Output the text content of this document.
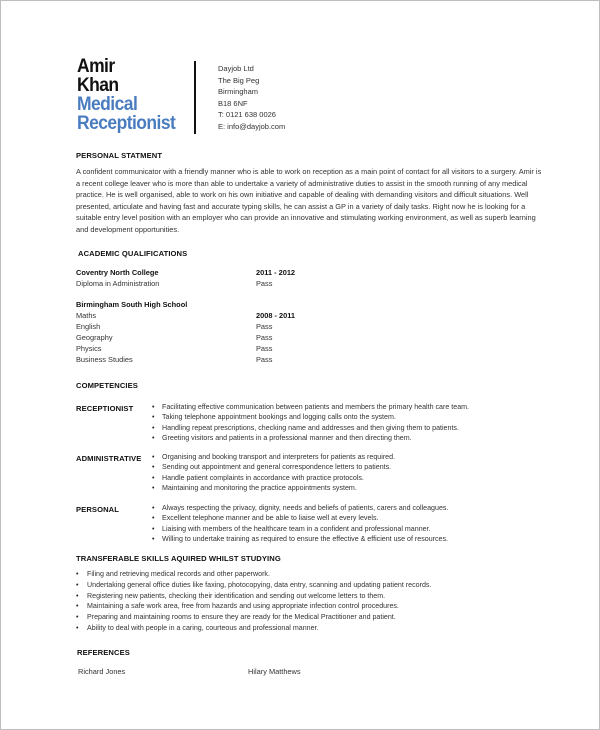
Amir
Khan
Medical
Receptionist
Dayjob Ltd
The Big Peg
Birmingham
B18 6NF
T: 0121 638 0026
E: info@dayjob.com
PERSONAL STATMENT
A confident communicator with a friendly manner who is able to work on reception as a main point of contact for all visitors to a surgery. Amir is a recent college leaver who is more than able to undertake a variety of administrative duties to assist in the smooth running of any medical practice. He is well organised, able to work on his own initiative and capable of dealing with demanding visitors and difficult situations. Well presented, articulate and having fast and accurate typing skills, he can assist a GP in a variety of daily tasks. Right now he is looking for a suitable entry level position with an employer who can provide an innovative and stimulating working environment, as well as superb learning and development opportunities.
ACADEMIC QUALIFICATIONS
Coventry North College	2011 - 2012
Diploma in Administration	Pass
Birmingham South High School
Maths	2008 - 2011
English	Pass
Geography	Pass
Physics	Pass
Business Studies	Pass
COMPETENCIES
RECEPTIONIST	• Facilitating effective communication between patients and members the primary health care team.
• Taking telephone appointment bookings and logging calls onto the system.
• Handling repeat prescriptions, checking name and addresses and then giving them to patients.
• Greeting visitors and patients in a professional manner and then directing them.
ADMINISTRATIVE	• Organising and booking transport and interpreters for patients as required.
• Sending out appointment and general correspondence letters to patients.
• Handle patient complaints in accordance with practice protocols.
• Maintaining and monitoring the practice appointments system.
PERSONAL	• Always respecting the privacy, dignity, needs and beliefs of patients, carers and colleagues.
• Excellent telephone manner and be able to liaise well at every levels.
• Liaising with members of the healthcare team in a confident and professional manner.
• Willing to undertake training as required to ensure the effective & efficient use of resources.
TRANSFERABLE SKILLS AQUIRED WHILST STUDYING
• Filing and retrieving medical records and other paperwork.
• Undertaking general office duties like faxing, photocopying, data entry, scanning and updating patient records.
• Registering new patients, checking their identification and sending out welcome letters to them.
• Maintaining a safe work area, free from hazards and using appropriate infection control procedures.
• Preparing and maintaining rooms to ensure they are ready for the Medical Practitioner and patient.
• Ability to deal with people in a caring, courteous and professional manner.
REFERENCES
Richard Jones	Hilary Matthews
